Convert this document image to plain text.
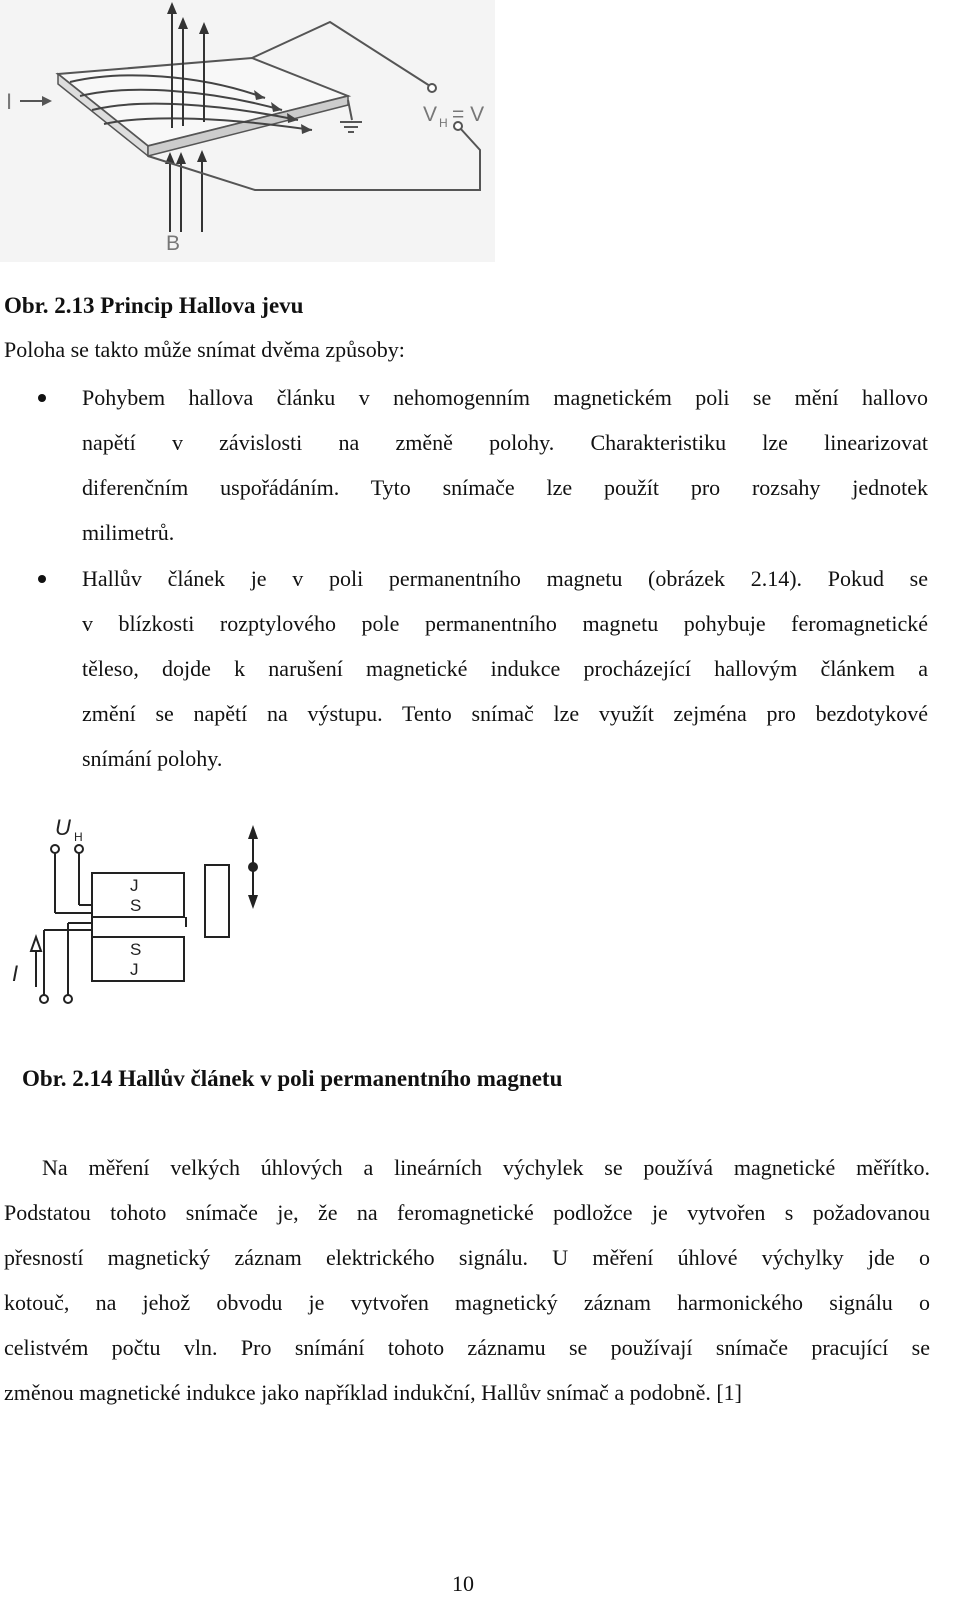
I
V H = V
B
Obr. 2.13 Princip Hallova jevu
Poloha se takto může snímat dvěma způsoby:
Pohybem hallova článku v nehomogenním magnetickém poli se mění hallovo
napětí v závislosti na změně polohy. Charakteristiku lze linearizovat
diferenčním uspořádáním. Tyto snímače lze použít pro rozsahy jednotek
milimetrů.
Hallův článek je v poli permanentního magnetu (obrázek 2.14). Pokud se
v blízkosti rozptylového pole permanentního magnetu pohybuje feromagnetické
těleso, dojde k narušení magnetické indukce procházející hallovým článkem a
změní se napětí na výstupu. Tento snímač lze využít zejména pro bezdotykové
snímání polohy.
U H
J
S
S
J
I
Obr. 2.14 Hallův článek v poli permanentního magnetu
Na měření velkých úhlových a lineárních výchylek se používá magnetické měřítko.
Podstatou tohoto snímače je, že na feromagnetické podložce je vytvořen s požadovanou
přesností magnetický záznam elektrického signálu. U měření úhlové výchylky jde o
kotouč, na jehož obvodu je vytvořen magnetický záznam harmonického signálu o
celistvém počtu vln. Pro snímání tohoto záznamu se používají snímače pracující se
změnou magnetické indukce jako například indukční, Hallův snímač a podobně. [1]
10
